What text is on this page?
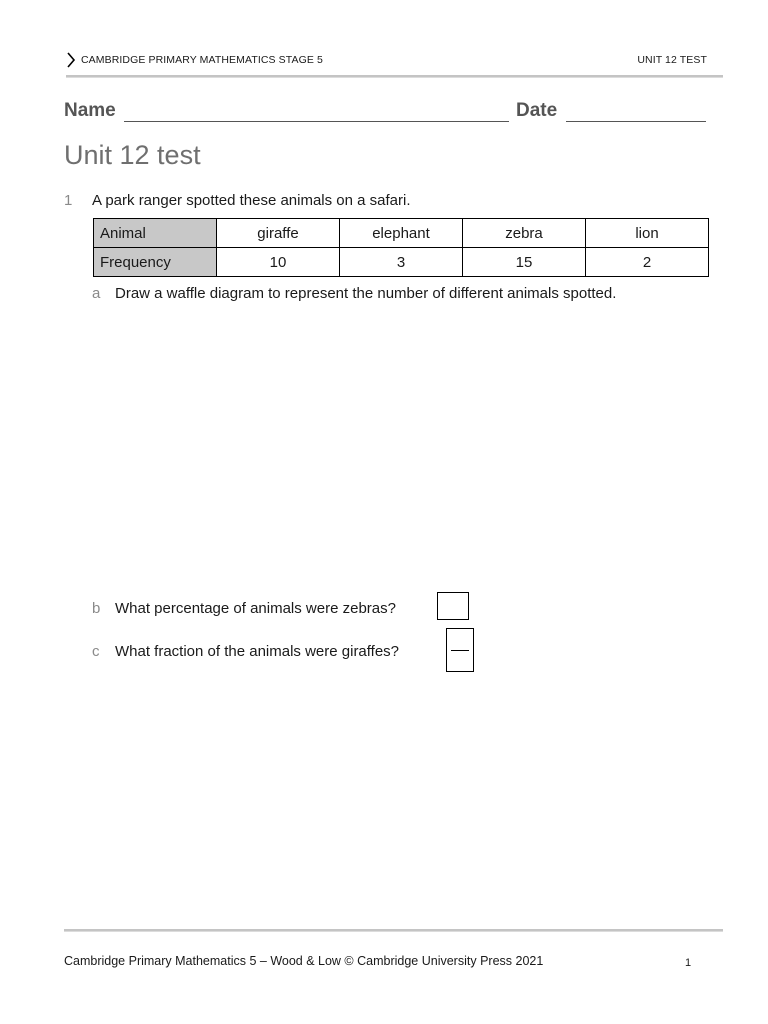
CAMBRIDGE PRIMARY MATHEMATICS STAGE 5	UNIT 12 TEST
Name	Date
Unit 12 test
1 A park ranger spotted these animals on a safari.
Animal	giraffe	elephant	zebra	lion
Frequency	10	3	15	2
a Draw a waffle diagram to represent the number of different animals spotted.
b What percentage of animals were zebras?
c What fraction of the animals were giraffes?
Cambridge Primary Mathematics 5 – Wood & Low © Cambridge University Press 2021	1
